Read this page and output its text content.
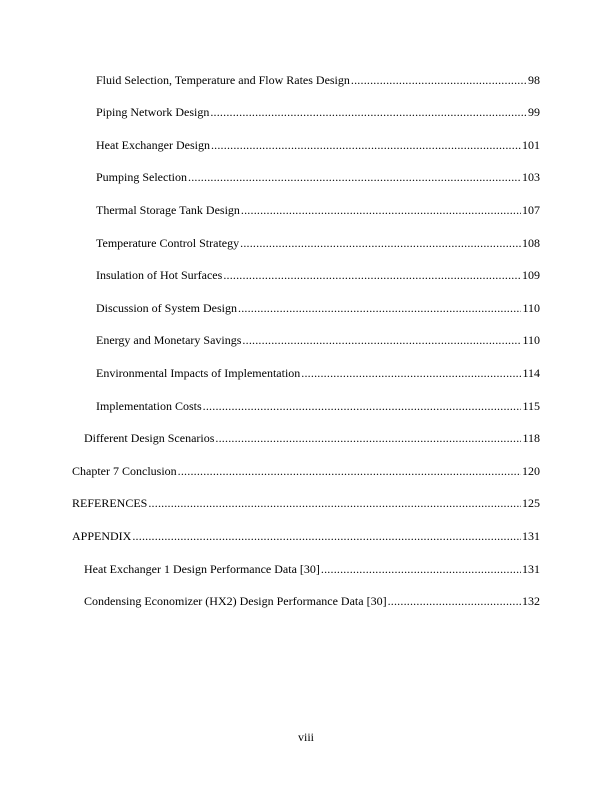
Fluid Selection, Temperature and Flow Rates Design .....	98
Piping Network Design .....	99
Heat Exchanger Design .....	101
Pumping Selection .....	103
Thermal Storage Tank Design .....	107
Temperature Control Strategy .....	108
Insulation of Hot Surfaces .....	109
Discussion of System Design .....	110
Energy and Monetary Savings .....	110
Environmental Impacts of Implementation .....	114
Implementation Costs .....	115
Different Design Scenarios .....	118
Chapter 7 Conclusion .....	120
REFERENCES .....	125
APPENDIX .....	131
Heat Exchanger 1 Design Performance Data [30] .....	131
Condensing Economizer (HX2) Design Performance Data [30] .....	132
viii
